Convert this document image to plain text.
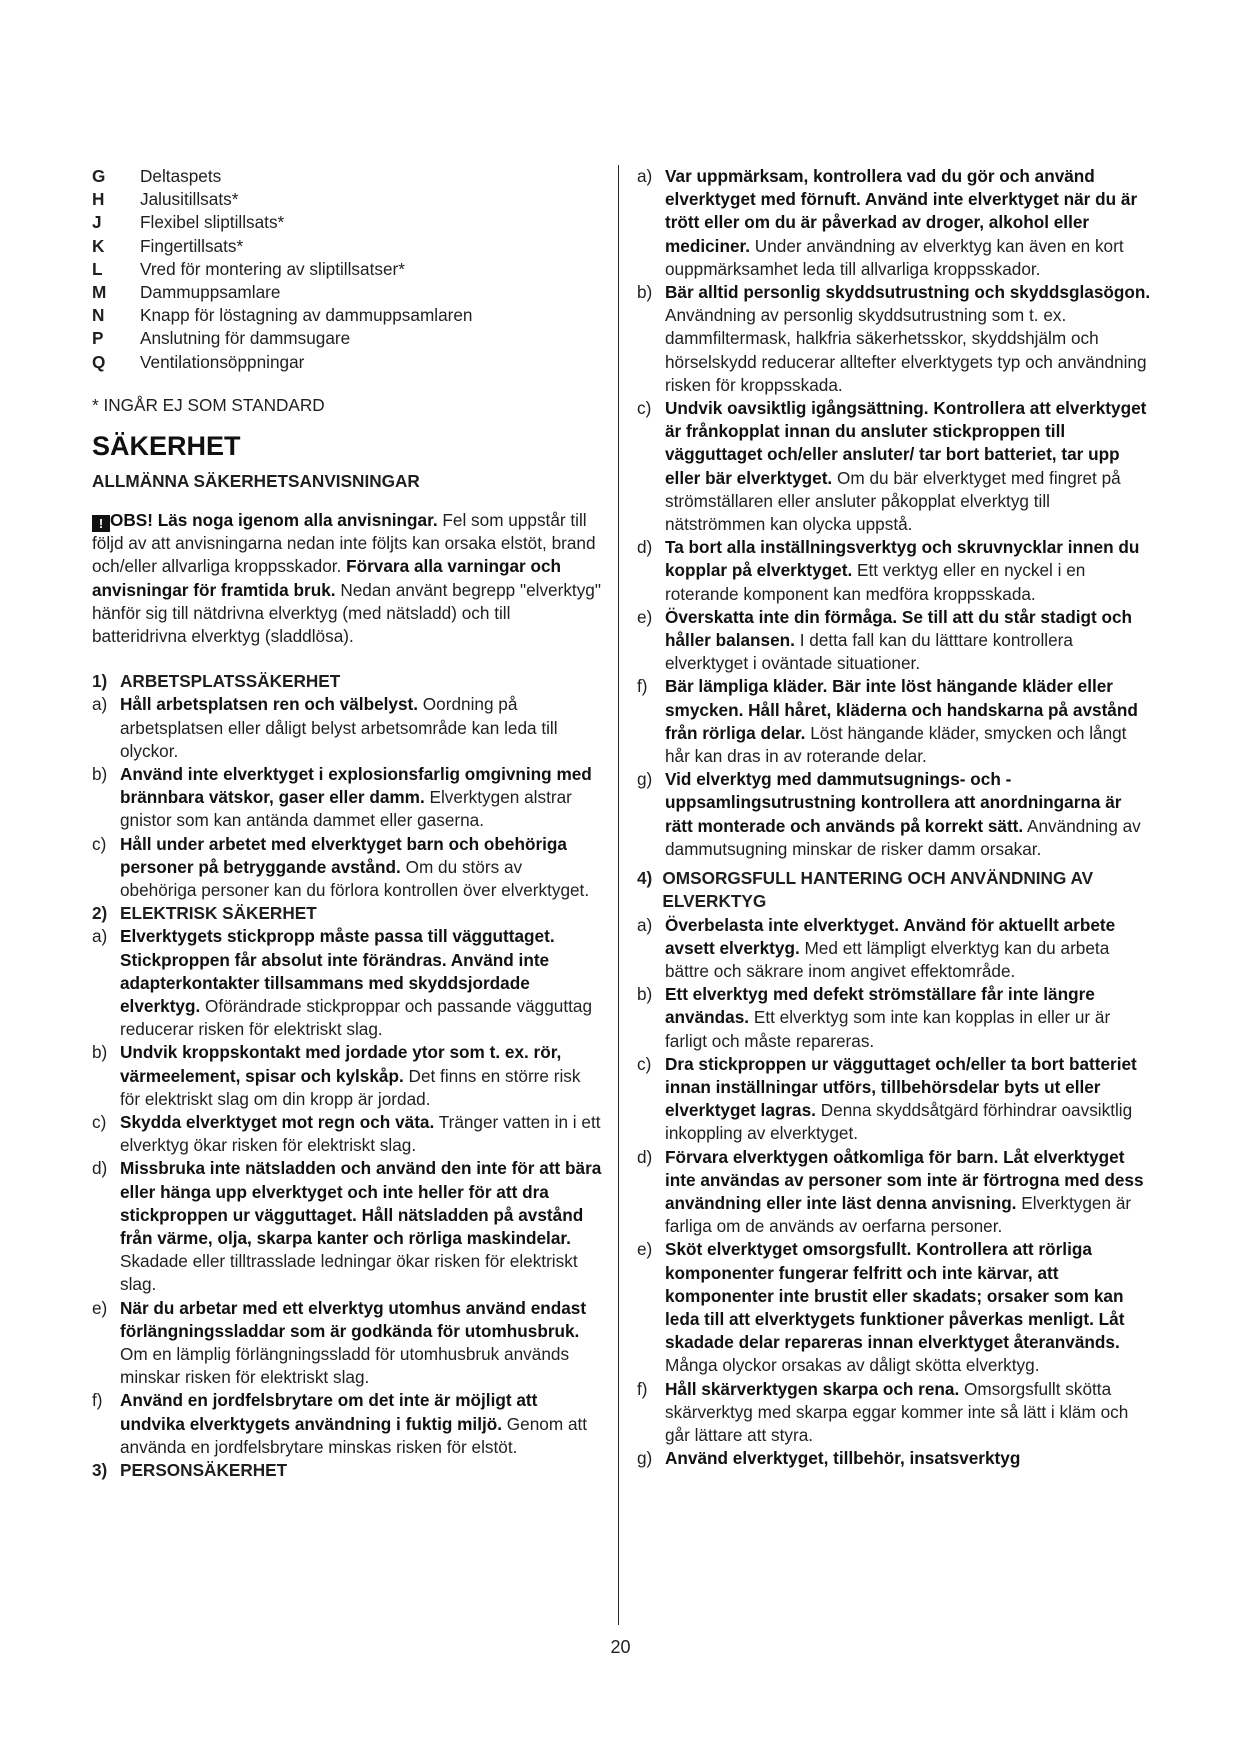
G	Deltaspets
H	Jalusitillsats*
J	Flexibel sliptillsats*
K	Fingertillsats*
L	Vred för montering av sliptillsatser*
M	Dammuppsamlare
N	Knapp för löstagning av dammuppsamlaren
P	Anslutning för dammsugare
Q	Ventilationsöppningar
* INGÅR EJ SOM STANDARD
SÄKERHET
ALLMÄNNA SÄKERHETSANVISNINGAR
! OBS! Läs noga igenom alla anvisningar. Fel som uppstår till följd av att anvisningarna nedan inte följts kan orsaka elstöt, brand och/eller allvarliga kroppsskador. Förvara alla varningar och anvisningar för framtida bruk. Nedan använt begrepp "elverktyg" hänför sig till nätdrivna elverktyg (med nätsladd) och till batteridrivna elverktyg (sladdlösa).
1) ARBETSPLATSSÄKERHET
a) Håll arbetsplatsen ren och välbelyst. Oordning på arbetsplatsen eller dåligt belyst arbetsområde kan leda till olyckor.
b) Använd inte elverktyget i explosionsfarlig omgivning med brännbara vätskor, gaser eller damm. Elverktygen alstrar gnistor som kan antända dammet eller gaserna.
c) Håll under arbetet med elverktyget barn och obehöriga personer på betryggande avstånd. Om du störs av obehöriga personer kan du förlora kontrollen över elverktyget.
2) ELEKTRISK SÄKERHET
a) Elverktygets stickpropp måste passa till vägguttaget. Stickproppen får absolut inte förändras. Använd inte adapterkontakter tillsammans med skyddsjordade elverktyg. Oförändrade stickproppar och passande vägguttag reducerar risken för elektriskt slag.
b) Undvik kroppskontakt med jordade ytor som t. ex. rör, värmeelement, spisar och kylskåp. Det finns en större risk för elektriskt slag om din kropp är jordad.
c) Skydda elverktyget mot regn och väta. Tränger vatten in i ett elverktyg ökar risken för elektriskt slag.
d) Missbruka inte nätsladden och använd den inte för att bära eller hänga upp elverktyget och inte heller för att dra stickproppen ur vägguttaget. Håll nätsladden på avstånd från värme, olja, skarpa kanter och rörliga maskindelar. Skadade eller tilltrasslade ledningar ökar risken för elektriskt slag.
e) När du arbetar med ett elverktyg utomhus använd endast förlängningssladdar som är godkända för utomhusbruk. Om en lämplig förlängningssladd för utomhusbruk används minskar risken för elektriskt slag.
f)	Använd en jordfelsbrytare om det inte är möjligt att undvika elverktygets användning i fuktig miljö. Genom att använda en jordfelsbrytare minskas risken för elstöt.
3) PERSONSÄKERHET
a) Var uppmärksam, kontrollera vad du gör och använd elverktyget med förnuft. Använd inte elverktyget när du är trött eller om du är påverkad av droger, alkohol eller mediciner. Under användning av elverktyg kan även en kort ouppmärksamhet leda till allvarliga kroppsskador.
b) Bär alltid personlig skyddsutrustning och skyddsglasögon. Användning av personlig skyddsutrustning som t. ex. dammfiltermask, halkfria säkerhetsskor, skyddshjälm och hörselskydd reducerar alltefter elverktygets typ och användning risken för kroppsskada.
c) Undvik oavsiktlig igångsättning. Kontrollera att elverktyget är frånkopplat innan du ansluter stickproppen till vägguttaget och/eller ansluter/ tar bort batteriet, tar upp eller bär elverktyget. Om du bär elverktyget med fingret på strömställaren eller ansluter påkopplat elverktyg till nätströmmen kan olycka uppstå.
d) Ta bort alla inställningsverktyg och skruvnycklar innen du kopplar på elverktyget. Ett verktyg eller en nyckel i en roterande komponent kan medföra kroppsskada.
e) Överskatta inte din förmåga. Se till att du står stadigt och håller balansen. I detta fall kan du lätttare kontrollera elverktyget i oväntade situationer.
f)	Bär lämpliga kläder. Bär inte löst hängande kläder eller smycken. Håll håret, kläderna och handskarna på avstånd från rörliga delar. Löst hängande kläder, smycken och långt hår kan dras in av roterande delar.
g) Vid elverktyg med dammutsugnings- och -uppsamlingsutrustning kontrollera att anordningarna är rätt monterade och används på korrekt sätt. Användning av dammutsugning minskar de risker damm orsakar.
4) OMSORGSFULL HANTERING OCH ANVÄNDNING AV ELVERKTYG
a) Överbelasta inte elverktyget. Använd för aktuellt arbete avsett elverktyg. Med ett lämpligt elverktyg kan du arbeta bättre och säkrare inom angivet effektområde.
b) Ett elverktyg med defekt strömställare får inte längre användas. Ett elverktyg som inte kan kopplas in eller ur är farligt och måste repareras.
c) Dra stickproppen ur vägguttaget och/eller ta bort batteriet innan inställningar utförs, tillbehörsdelar byts ut eller elverktyget lagras. Denna skyddsåtgärd förhindrar oavsiktlig inkoppling av elverktyget.
d) Förvara elverktygen oåtkomliga för barn. Låt elverktyget inte användas av personer som inte är förtrogna med dess användning eller inte läst denna anvisning. Elverktygen är farliga om de används av oerfarna personer.
e) Sköt elverktyget omsorgsfullt. Kontrollera att rörliga komponenter fungerar felfritt och inte kärvar, att komponenter inte brustit eller skadats; orsaker som kan leda till att elverktygets funktioner påverkas menligt. Låt skadade delar repareras innan elverktyget återanvänds. Många olyckor orsakas av dåligt skötta elverktyg.
f)	Håll skärverktygen skarpa och rena. Omsorgsfullt skötta skärverktyg med skarpa eggar kommer inte så lätt i kläm och går lättare att styra.
g) Använd elverktyget, tillbehör, insatsverktyg
20
